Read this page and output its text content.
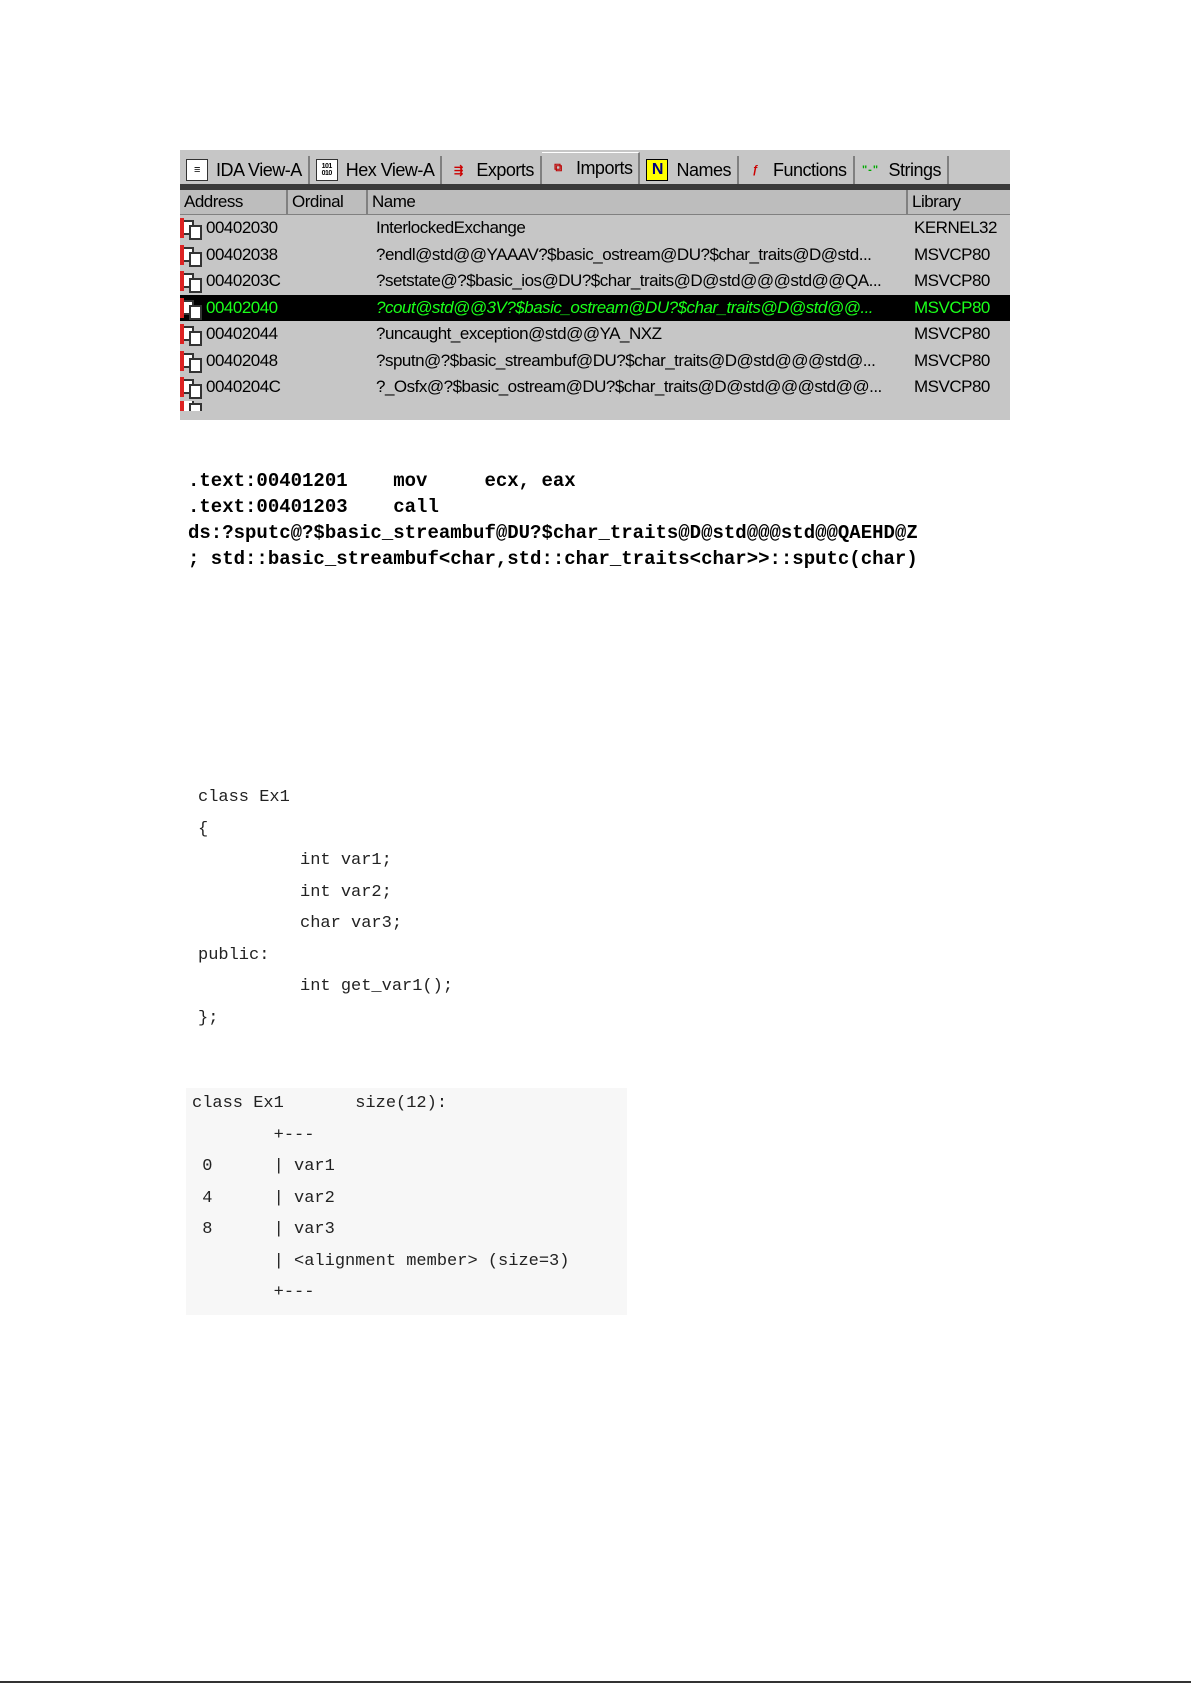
≡ IDA View-A	101
010 Hex View-A	⇶ Exports	⧉ Imports	N Names	ƒ Functions "-" Strings
Address	Ordinal	Name	Library
00402030	InterlockedExchange	KERNEL32
00402038	?endl@std@@YAAAV?$basic_ostream@DU?$char_traits@D@std...	MSVCP80
0040203C	?setstate@?$basic_ios@DU?$char_traits@D@std@@@std@@QA...	MSVCP80
00402040	?cout@std@@3V?$basic_ostream@DU?$char_traits@D@std@@...	MSVCP80
00402044	?uncaught_exception@std@@YA_NXZ	MSVCP80
00402048	?sputn@?$basic_streambuf@DU?$char_traits@D@std@@@std@...	MSVCP80
0040204C	?_Osfx@?$basic_ostream@DU?$char_traits@D@std@@@std@@...	MSVCP80
.text:00401201    mov     ecx, eax
.text:00401203    call
ds:?sputc@?$basic_streambuf@DU?$char_traits@D@std@@@std@@QAEHD@Z
; std::basic_streambuf<char,std::char_traits<char>>::sputc(char)
class Ex1
{
int var1;
int var2;
char var3;
public:
int get_var1();
};
class Ex1       size(12):
+---
0      | var1
4      | var2
8      | var3
| <alignment member> (size=3)
+---
